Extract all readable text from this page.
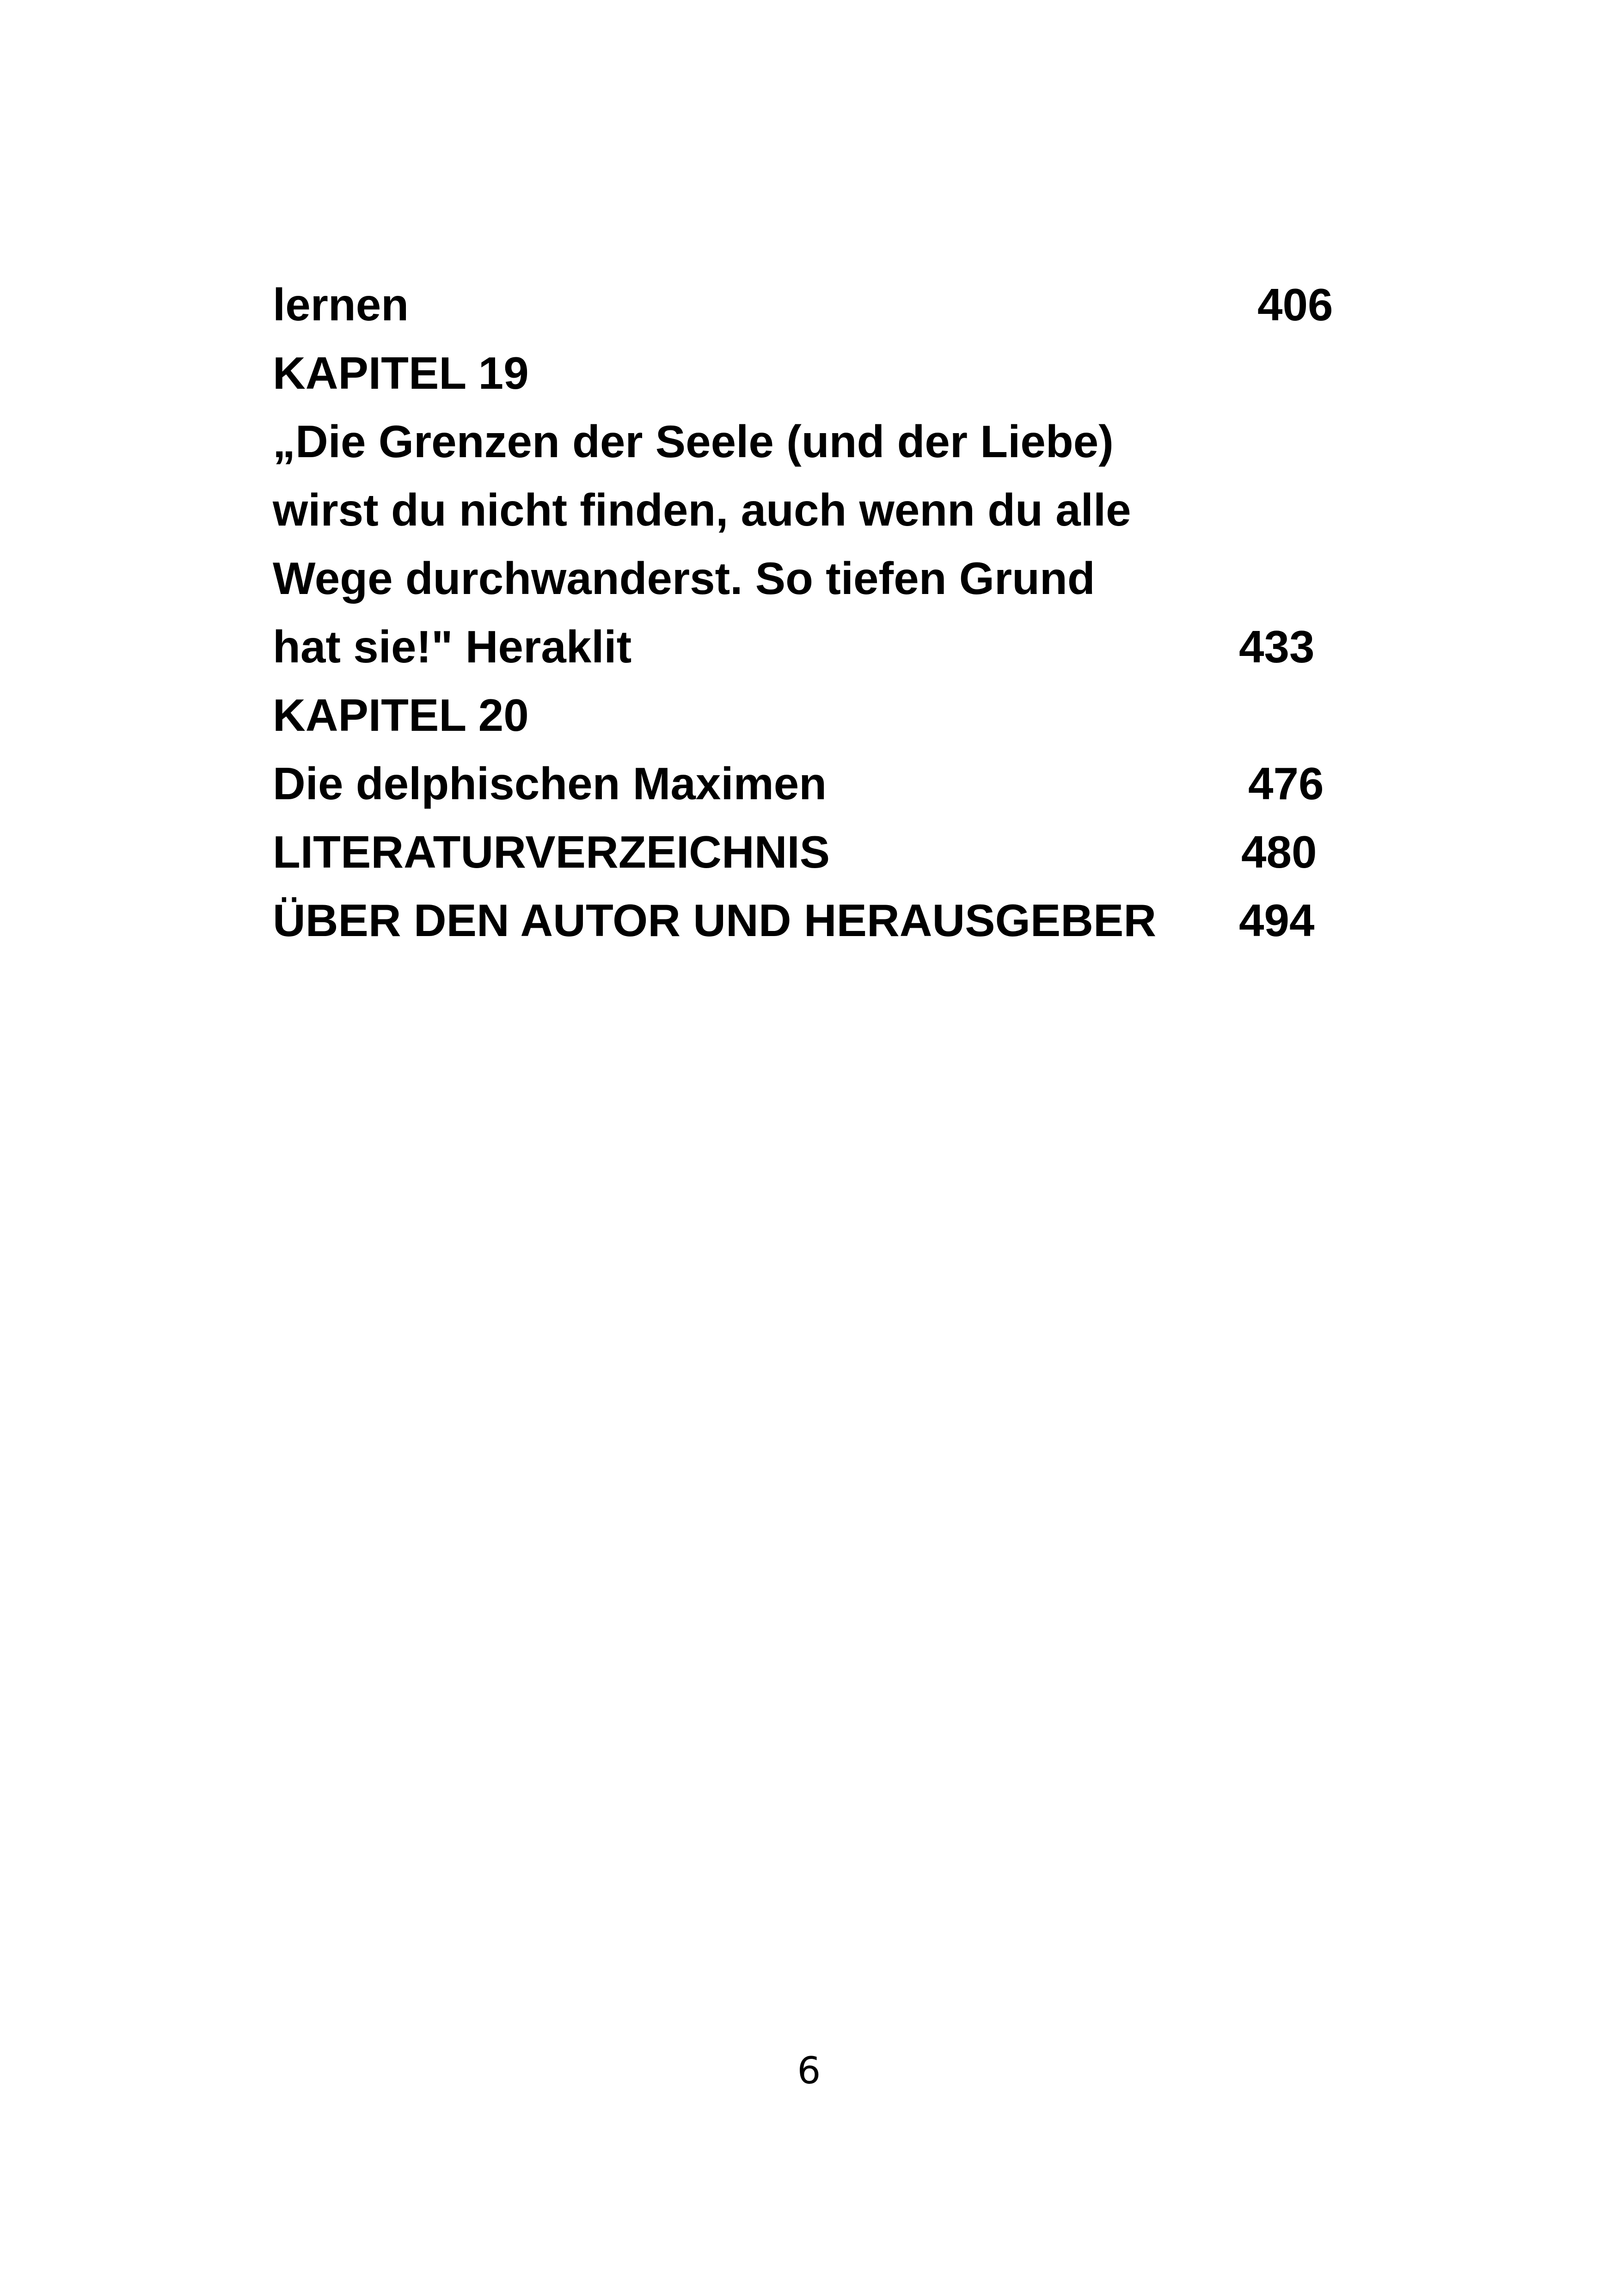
lernen	406
KAPITEL 19
„Die Grenzen der Seele (und der Liebe)
wirst du nicht finden, auch wenn du alle
Wege durchwanderst. So tiefen Grund
hat sie!" Heraklit	433
KAPITEL 20
Die delphischen Maximen	476
LITERATURVERZEICHNIS	480
ÜBER DEN AUTOR UND HERAUSGEBER 494
6
